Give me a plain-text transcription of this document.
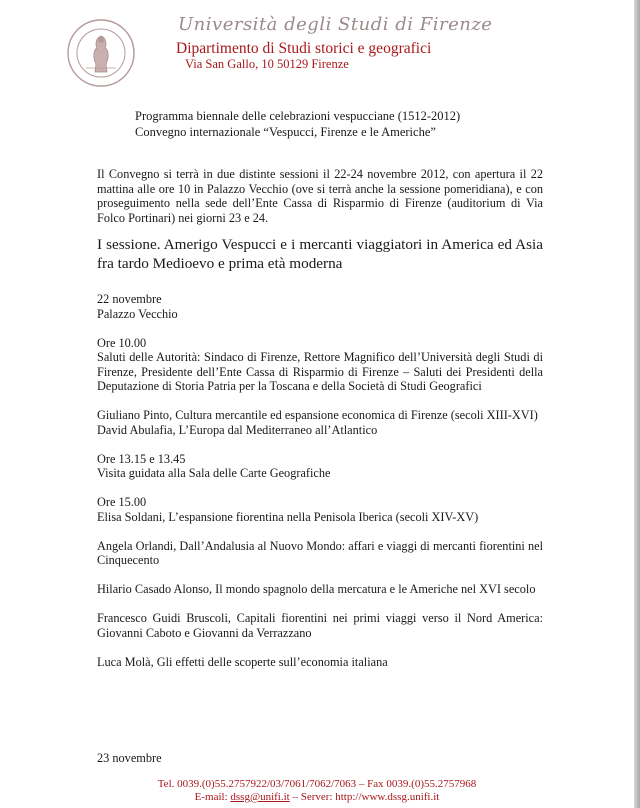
Università degli Studi di Firenze
Dipartimento di Studi storici e geografici
Via San Gallo, 10 50129 Firenze
Programma biennale delle celebrazioni vespucciane (1512-2012)
Convegno internazionale “Vespucci, Firenze e le Americhe”

Il Convegno si terrà in due distinte sessioni il 22-24 novembre 2012, con apertura il 22 mattina alle ore 10 in Palazzo Vecchio (ove si terrà anche la sessione pomeridiana), e con proseguimento nella sede dell’Ente Cassa di Risparmio di Firenze (auditorium di Via Folco Portinari) nei giorni 23 e 24.

I sessione. Amerigo Vespucci e i mercanti viaggiatori in America ed Asia fra tardo Medioevo e prima età moderna

22 novembre

Palazzo Vecchio

Ore 10.00

Saluti delle Autorità: Sindaco di Firenze, Rettore Magnifico dell’Università degli Studi di Firenze, Presidente dell’Ente Cassa di Risparmio di Firenze – Saluti dei Presidenti della Deputazione di Storia Patria per la Toscana e della Società di Studi Geografici

Giuliano Pinto, Cultura mercantile ed espansione economica di Firenze (secoli XIII-XVI)

David Abulafia, L’Europa dal Mediterraneo all’Atlantico

Ore 13.15 e 13.45

Visita guidata alla Sala delle Carte Geografiche

Ore 15.00

Elisa Soldani, L’espansione fiorentina nella Penisola Iberica (secoli XIV-XV)

Angela Orlandi, Dall’Andalusia al Nuovo Mondo: affari e viaggi di mercanti fiorentini nel Cinquecento

Hilario Casado Alonso, Il mondo spagnolo della mercatura e le Americhe nel XVI secolo

Francesco Guidi Bruscoli, Capitali fiorentini nei primi viaggi verso il Nord America: Giovanni Caboto e Giovanni da Verrazzano

Luca Molà, Gli effetti delle scoperte sull’economia italiana

23 novembre
Tel. 0039.(0)55.2757922/03/7061/7062/7063 – Fax 0039.(0)55.2757968
E-mail: dssg@unifi.it – Server: http://www.dssg.unifi.it
